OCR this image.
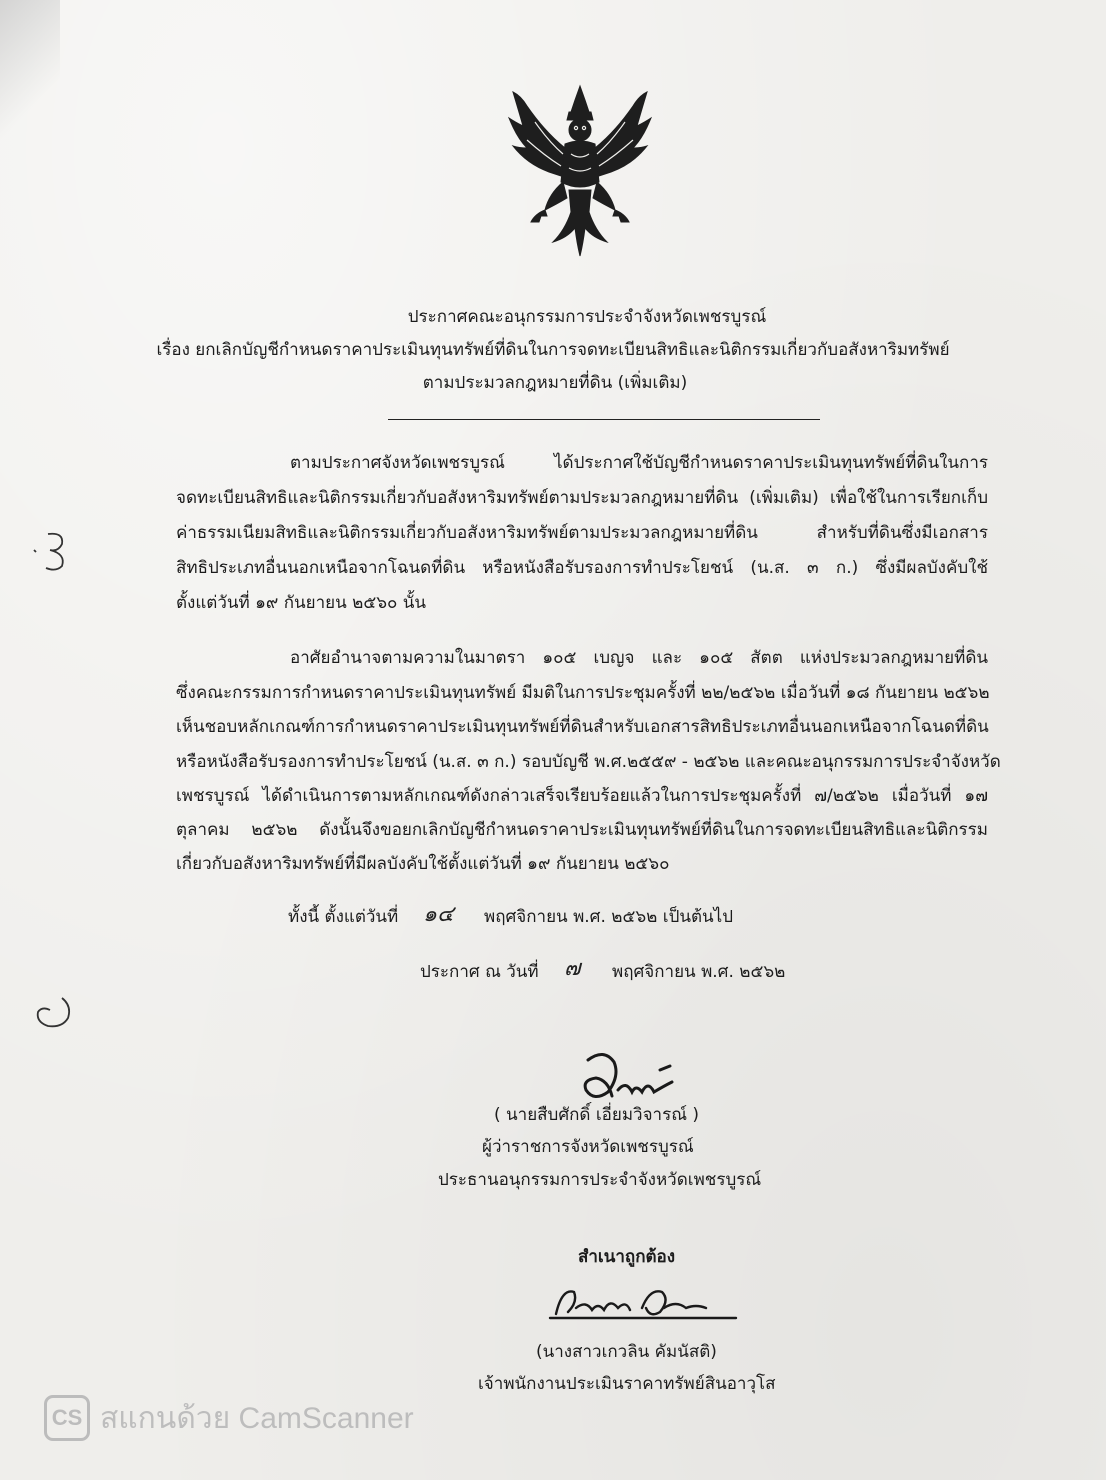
ประกาศคณะอนุกรรมการประจำจังหวัดเพชรบูรณ์
เรื่อง ยกเลิกบัญชีกำหนดราคาประเมินทุนทรัพย์ที่ดินในการจดทะเบียนสิทธิและนิติกรรมเกี่ยวกับอสังหาริมทรัพย์
ตามประมวลกฎหมายที่ดิน (เพิ่มเติม)
ตามประกาศจังหวัดเพชรบูรณ์ ได้ประกาศใช้บัญชีกำหนดราคาประเมินทุนทรัพย์ที่ดินในการ
จดทะเบียนสิทธิและนิติกรรมเกี่ยวกับอสังหาริมทรัพย์ตามประมวลกฎหมายที่ดิน (เพิ่มเติม) เพื่อใช้ในการเรียกเก็บ
ค่าธรรมเนียมสิทธิและนิติกรรมเกี่ยวกับอสังหาริมทรัพย์ตามประมวลกฎหมายที่ดิน สำหรับที่ดินซึ่งมีเอกสาร
สิทธิประเภทอื่นนอกเหนือจากโฉนดที่ดิน หรือหนังสือรับรองการทำประโยชน์ (น.ส. ๓ ก.) ซึ่งมีผลบังคับใช้
ตั้งแต่วันที่ ๑๙ กันยายน ๒๕๖๐ นั้น
อาศัยอำนาจตามความในมาตรา ๑๐๕ เบญจ และ ๑๐๕ สัตต แห่งประมวลกฎหมายที่ดิน
ซึ่งคณะกรรมการกำหนดราคาประเมินทุนทรัพย์ มีมติในการประชุมครั้งที่ ๒๒/๒๕๖๒ เมื่อวันที่ ๑๘ กันยายน ๒๕๖๒
เห็นชอบหลักเกณฑ์การกำหนดราคาประเมินทุนทรัพย์ที่ดินสำหรับเอกสารสิทธิประเภทอื่นนอกเหนือจากโฉนดที่ดิน
หรือหนังสือรับรองการทำประโยชน์ (น.ส. ๓ ก.) รอบบัญชี พ.ศ.๒๕๕๙ - ๒๕๖๒ และคณะอนุกรรมการประจำจังหวัด
เพชรบูรณ์ ได้ดำเนินการตามหลักเกณฑ์ดังกล่าวเสร็จเรียบร้อยแล้วในการประชุมครั้งที่ ๗/๒๕๖๒ เมื่อวันที่ ๑๗
ตุลาคม ๒๕๖๒ ดังนั้นจึงขอยกเลิกบัญชีกำหนดราคาประเมินทุนทรัพย์ที่ดินในการจดทะเบียนสิทธิและนิติกรรม
เกี่ยวกับอสังหาริมทรัพย์ที่มีผลบังคับใช้ตั้งแต่วันที่ ๑๙ กันยายน ๒๕๖๐
ทั้งนี้ ตั้งแต่วันที่ ๑๔ พฤศจิกายน พ.ศ. ๒๕๖๒ เป็นต้นไป
ประกาศ ณ วันที่ ๗ พฤศจิกายน พ.ศ. ๒๕๖๒
( นายสืบศักดิ์ เอี่ยมวิจารณ์ )
ผู้ว่าราชการจังหวัดเพชรบูรณ์
ประธานอนุกรรมการประจำจังหวัดเพชรบูรณ์
สำเนาถูกต้อง
(นางสาวเกวลิน คัมนัสติ)
เจ้าพนักงานประเมินราคาทรัพย์สินอาวุโส
CS สแกนด้วย CamScanner
